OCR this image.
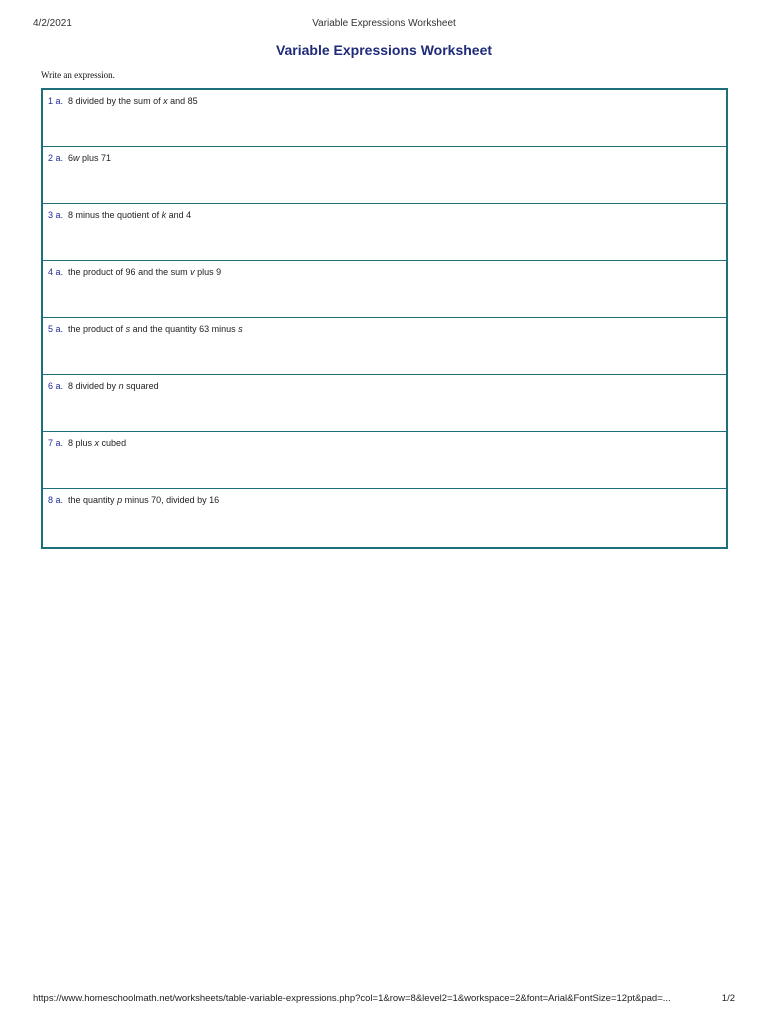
4/2/2021	Variable Expressions Worksheet
Variable Expressions Worksheet
Write an expression.
1 a. 8 divided by the sum of x and 85
2 a. 6w plus 71
3 a. 8 minus the quotient of k and 4
4 a. the product of 96 and the sum v plus 9
5 a. the product of s and the quantity 63 minus s
6 a. 8 divided by n squared
7 a. 8 plus x cubed
8 a. the quantity p minus 70, divided by 16
https://www.homeschoolmath.net/worksheets/table-variable-expressions.php?col=1&row=8&level2=1&workspace=2&font=Arial&FontSize=12pt&pad=...	1/2
